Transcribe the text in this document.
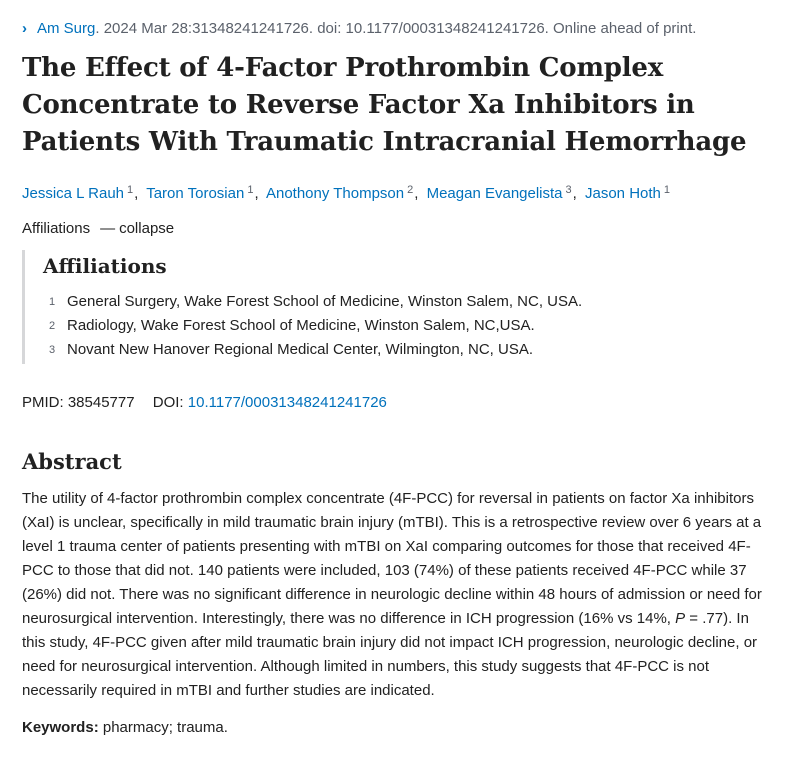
› Am Surg. 2024 Mar 28:31348241241726. doi: 10.1177/00031348241241726. Online ahead of print.
The Effect of 4-Factor Prothrombin Complex Concentrate to Reverse Factor Xa Inhibitors in Patients With Traumatic Intracranial Hemorrhage
Jessica L Rauh $^1$, Taron Torosian $^1$, Anothony Thompson $^2$, Meagan Evangelista $^3$, Jason Hoth $^1$
Affiliations — collapse
Affiliations
1 General Surgery, Wake Forest School of Medicine, Winston Salem, NC, USA.
2 Radiology, Wake Forest School of Medicine, Winston Salem, NC,USA.
3 Novant New Hanover Regional Medical Center, Wilmington, NC, USA.
PMID: 38545777 DOI: 10.1177/00031348241241726
Abstract
The utility of 4-factor prothrombin complex concentrate (4F-PCC) for reversal in patients on factor Xa inhibitors (XaI) is unclear, specifically in mild traumatic brain injury (mTBI). This is a retrospective review over 6 years at a level 1 trauma center of patients presenting with mTBI on XaI comparing outcomes for those that received 4F-PCC to those that did not. 140 patients were included, 103 (74%) of these patients received 4F-PCC while 37 (26%) did not. There was no significant difference in neurologic decline within 48 hours of admission or need for neurosurgical intervention. Interestingly, there was no difference in ICH progression (16% vs 14%, P = .77). In this study, 4F-PCC given after mild traumatic brain injury did not impact ICH progression, neurologic decline, or need for neurosurgical intervention. Although limited in numbers, this study suggests that 4F-PCC is not necessarily required in mTBI and further studies are indicated.
Keywords: pharmacy; trauma.
